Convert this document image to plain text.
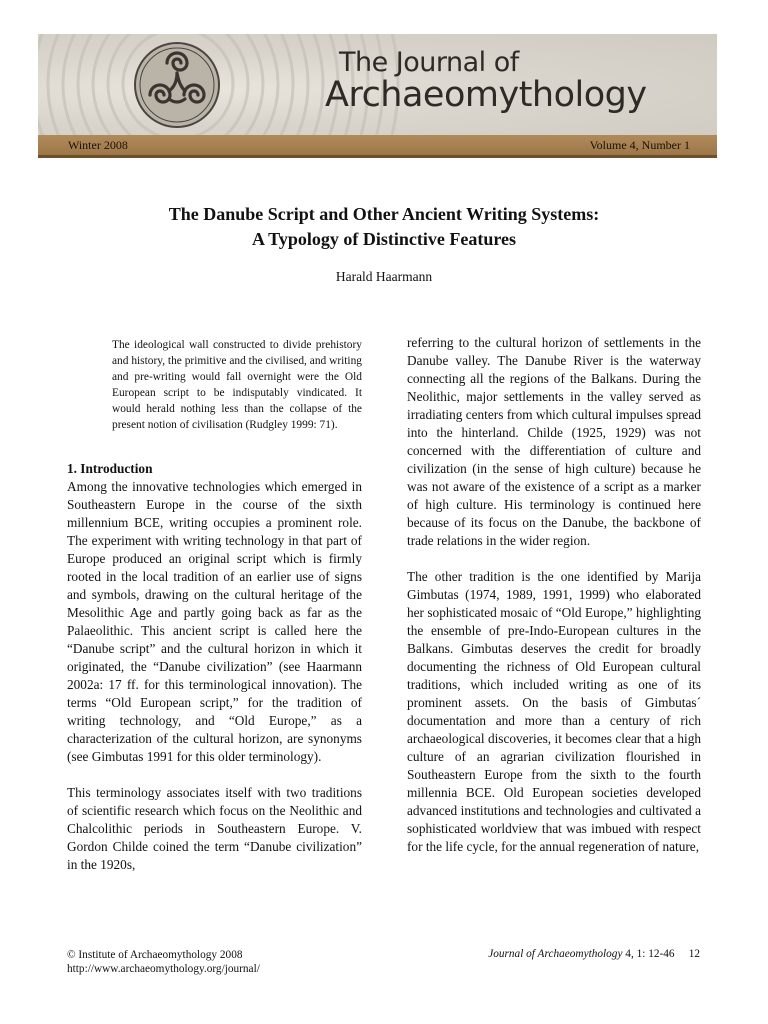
The Journal of
Archaeomythology
Winter 2008	Volume 4, Number 1
The Danube Script and Other Ancient Writing Systems:
A Typology of Distinctive Features
Harald Haarmann
The ideological wall constructed to divide prehistory and history, the primitive and the civilised, and writing and pre-writing would fall overnight were the Old European script to be indisputably vindicated. It would herald nothing less than the collapse of the present notion of civilisation (Rudgley 1999: 71).

1. Introduction

Among the innovative technologies which emerged in Southeastern Europe in the course of the sixth millennium BCE, writing occupies a prominent role. The experiment with writing technology in that part of Europe produced an original script which is firmly rooted in the local tradition of an earlier use of signs and symbols, drawing on the cultural heritage of the Mesolithic Age and partly going back as far as the Palaeolithic. This ancient script is called here the “Danube script” and the cultural horizon in which it originated, the “Danube civilization” (see Haarmann 2002a: 17 ff. for this terminological innovation). The terms “Old European script,” for the tradition of writing technology, and “Old Europe,” as a characterization of the cultural horizon, are synonyms (see Gimbutas 1991 for this older terminology).

This terminology associates itself with two traditions of scientific research which focus on the Neolithic and Chalcolithic periods in Southeastern Europe. V. Gordon Childe coined the term “Danube civilization” in the 1920s,

referring to the cultural horizon of settlements in the Danube valley. The Danube River is the waterway connecting all the regions of the Balkans. During the Neolithic, major settlements in the valley served as irradiating centers from which cultural impulses spread into the hinterland. Childe (1925, 1929) was not concerned with the differentiation of culture and civilization (in the sense of high culture) because he was not aware of the existence of a script as a marker of high culture. His terminology is continued here because of its focus on the Danube, the backbone of trade relations in the wider region.

The other tradition is the one identified by Marija Gimbutas (1974, 1989, 1991, 1999) who elaborated her sophisticated mosaic of “Old Europe,” highlighting the ensemble of pre-Indo-European cultures in the Balkans. Gimbutas deserves the credit for broadly documenting the richness of Old European cultural traditions, which included writing as one of its prominent assets. On the basis of Gimbutas´ documentation and more than a century of rich archaeological discoveries, it becomes clear that a high culture of an agrarian civilization flourished in Southeastern Europe from the sixth to the fourth millennia BCE. Old European societies developed advanced institutions and technologies and cultivated a sophisticated worldview that was imbued with respect for the life cycle, for the annual regeneration of nature,

© Institute of Archaeomythology 2008
http://www.archaeomythology.org/journal/
Journal of Archaeomythology 4, 1: 12-46 12
